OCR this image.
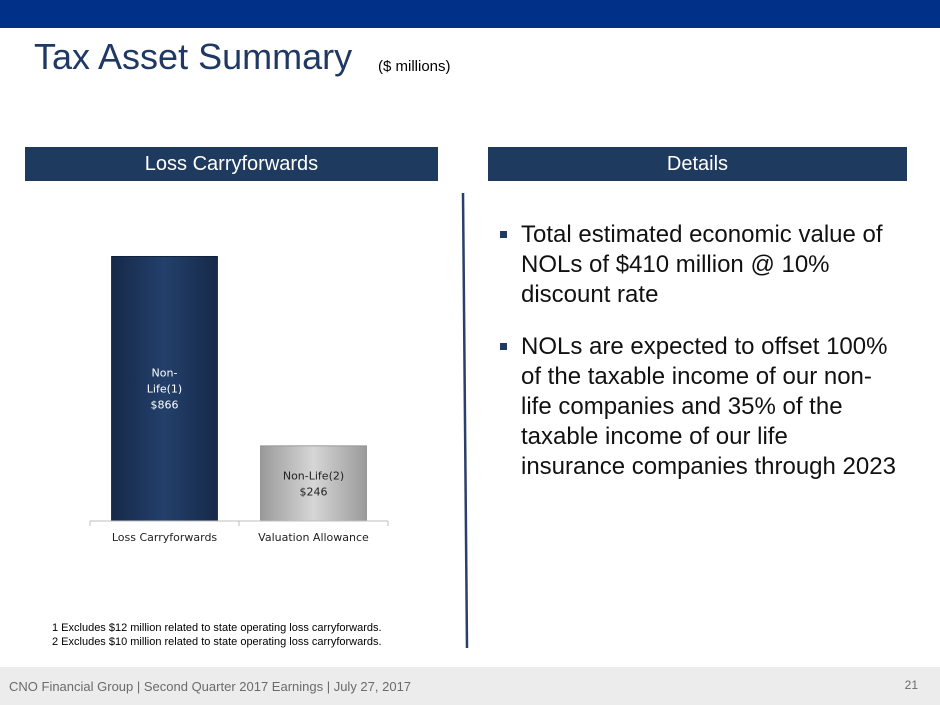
Tax Asset Summary ($ millions)
Loss Carryforwards	Details
Loss Carryforwards
Non-
Life(1)
$866
Valuation Allowance
Non-Life(2)
$246
Total estimated economic value of NOLs of $410 million @ 10% discount rate
NOLs are expected to offset 100% of the taxable income of our non-life companies and 35% of the taxable income of our life insurance companies through 2023
1 Excludes $12 million related to state operating loss carryforwards.
2 Excludes $10 million related to state operating loss carryforwards.
CNO Financial Group | Second Quarter 2017 Earnings | July 27, 2017	21
